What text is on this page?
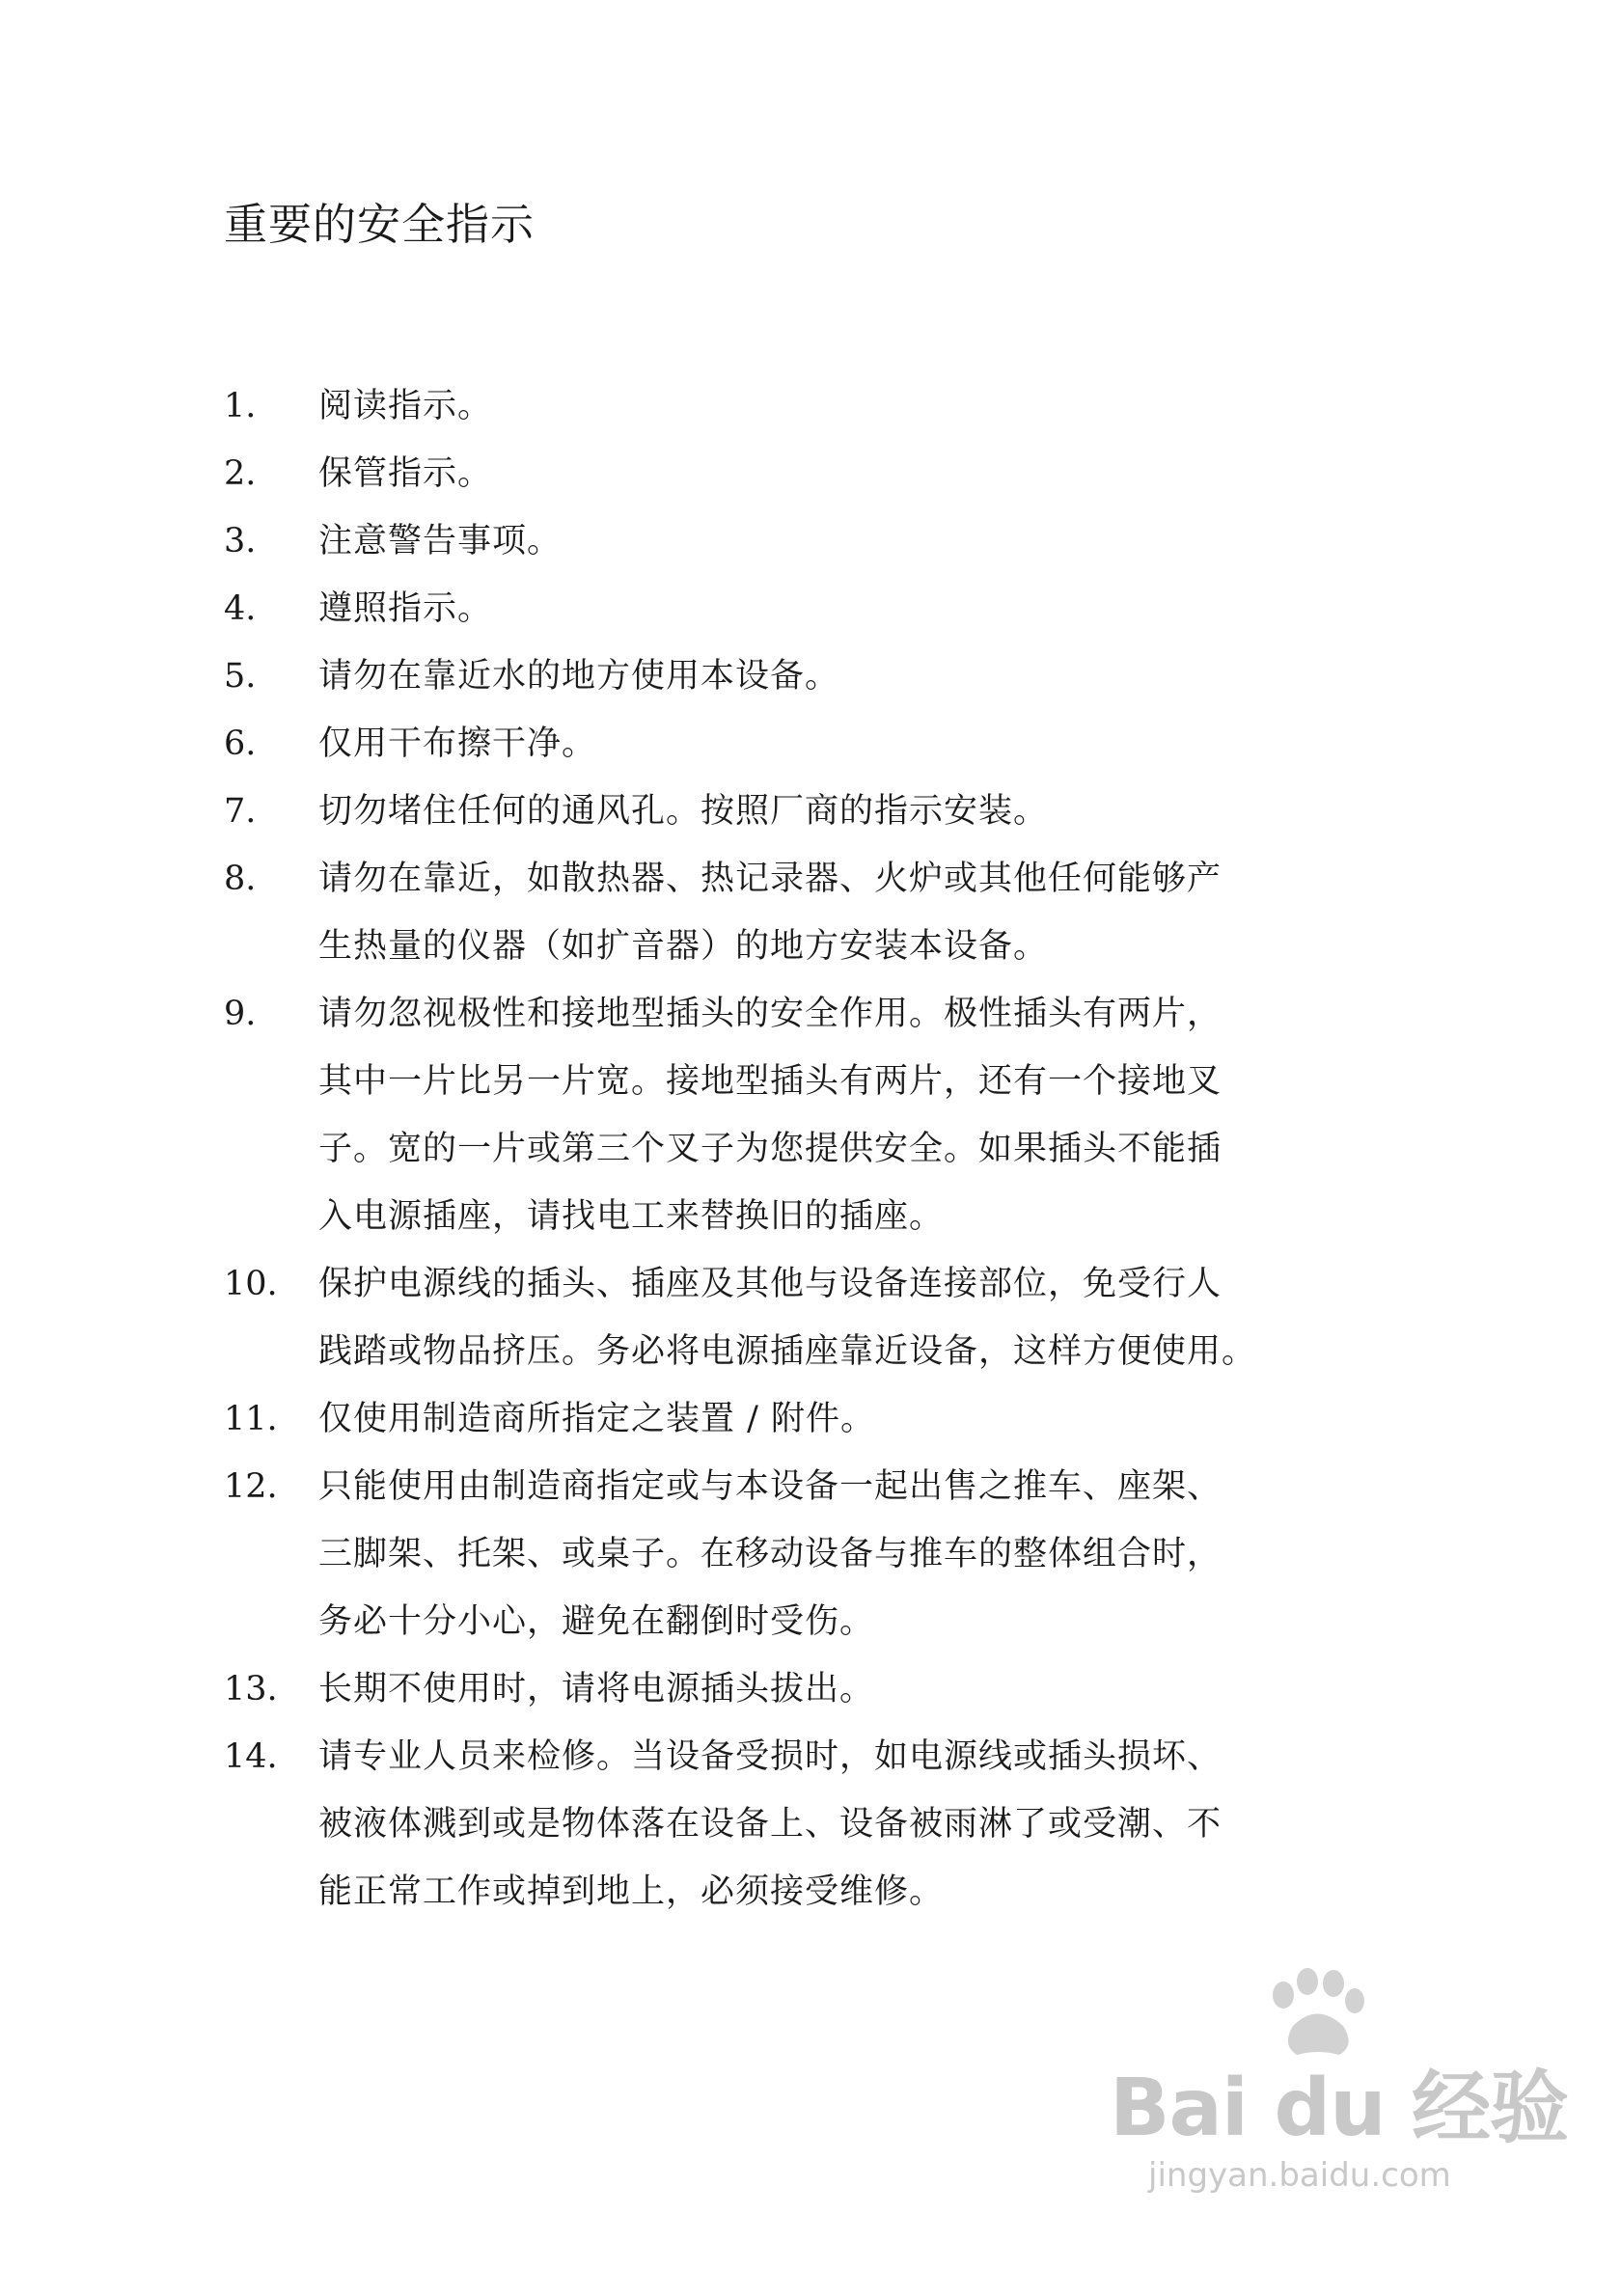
重要的安全指示
1.	阅读指示。
2.	保管指示。
3.	注意警告事项。
4.	遵照指示。
5.	请勿在靠近水的地方使用本设备。
6.	仅用干布擦干净。
7.	切勿堵住任何的通风孔。按照厂商的指示安装。
8.	请勿在靠近，如散热器、热记录器、火炉或其他任何能够产
生热量的仪器（如扩音器）的地方安装本设备。
9.	请勿忽视极性和接地型插头的安全作用。极性插头有两片，
其中一片比另一片宽。接地型插头有两片，还有一个接地叉
子。宽的一片或第三个叉子为您提供安全。如果插头不能插
入电源插座，请找电工来替换旧的插座。
10.	保护电源线的插头、插座及其他与设备连接部位，免受行人
践踏或物品挤压。务必将电源插座靠近设备，这样方便使用。
11.	仅使用制造商所指定之装置 / 附件。
12.	只能使用由制造商指定或与本设备一起出售之推车、座架、
三脚架、托架、或桌子。在移动设备与推车的整体组合时，
务必十分小心，避免在翻倒时受伤。
13.	长期不使用时，请将电源插头拔出。
14.	请专业人员来检修。当设备受损时，如电源线或插头损坏、
被液体溅到或是物体落在设备上、设备被雨淋了或受潮、不
能正常工作或掉到地上，必须接受维修。
Bai du 经验
jingyan.baidu.com
